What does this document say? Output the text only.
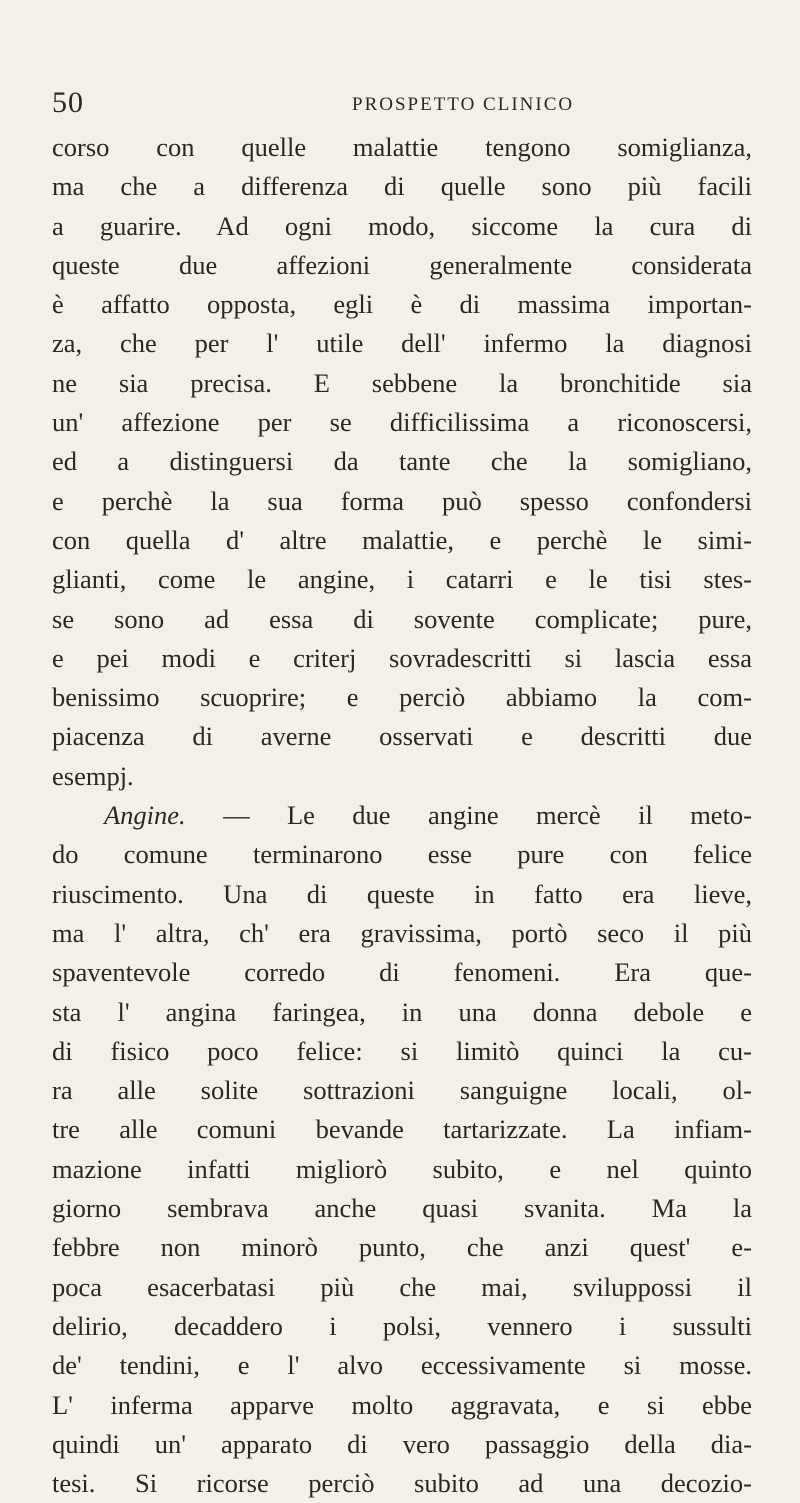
50	PROSPETTO CLINICO
corso con quelle malattie tengono somiglianza,
ma che a differenza di quelle sono più facili
a guarire. Ad ogni modo, siccome la cura di
queste due affezioni generalmente considerata
è affatto opposta, egli è di massima importan-
za, che per l' utile dell' infermo la diagnosi
ne sia precisa. E sebbene la bronchitide sia
un' affezione per se difficilissima a riconoscersi,
ed a distinguersi da tante che la somigliano,
e perchè la sua forma può spesso confondersi
con quella d' altre malattie, e perchè le simi-
glianti, come le angine, i catarri e le tisi stes-
se sono ad essa di sovente complicate; pure,
e pei modi e criterj sovradescritti si lascia essa
benissimo scuoprire; e perciò abbiamo la com-
piacenza di averne osservati e descritti due
esempj.
Angine. — Le due angine mercè il meto-
do comune terminarono esse pure con felice
riuscimento. Una di queste in fatto era lieve,
ma l' altra, ch' era gravissima, portò seco il più
spaventevole corredo di fenomeni. Era que-
sta l' angina faringea, in una donna debole e
di fisico poco felice: si limitò quinci la cu-
ra alle solite sottrazioni sanguigne locali, ol-
tre alle comuni bevande tartarizzate. La infiam-
mazione infatti migliorò subito, e nel quinto
giorno sembrava anche quasi svanita. Ma la
febbre non minorò punto, che anzi quest' e-
poca esacerbatasi più che mai, sviluppossi il
delirio, decaddero i polsi, vennero i sussulti
de' tendini, e l' alvo eccessivamente si mosse.
L' inferma apparve molto aggravata, e si ebbe
quindi un' apparato di vero passaggio della dia-
tesi. Si ricorse perciò subito ad una decozio-
